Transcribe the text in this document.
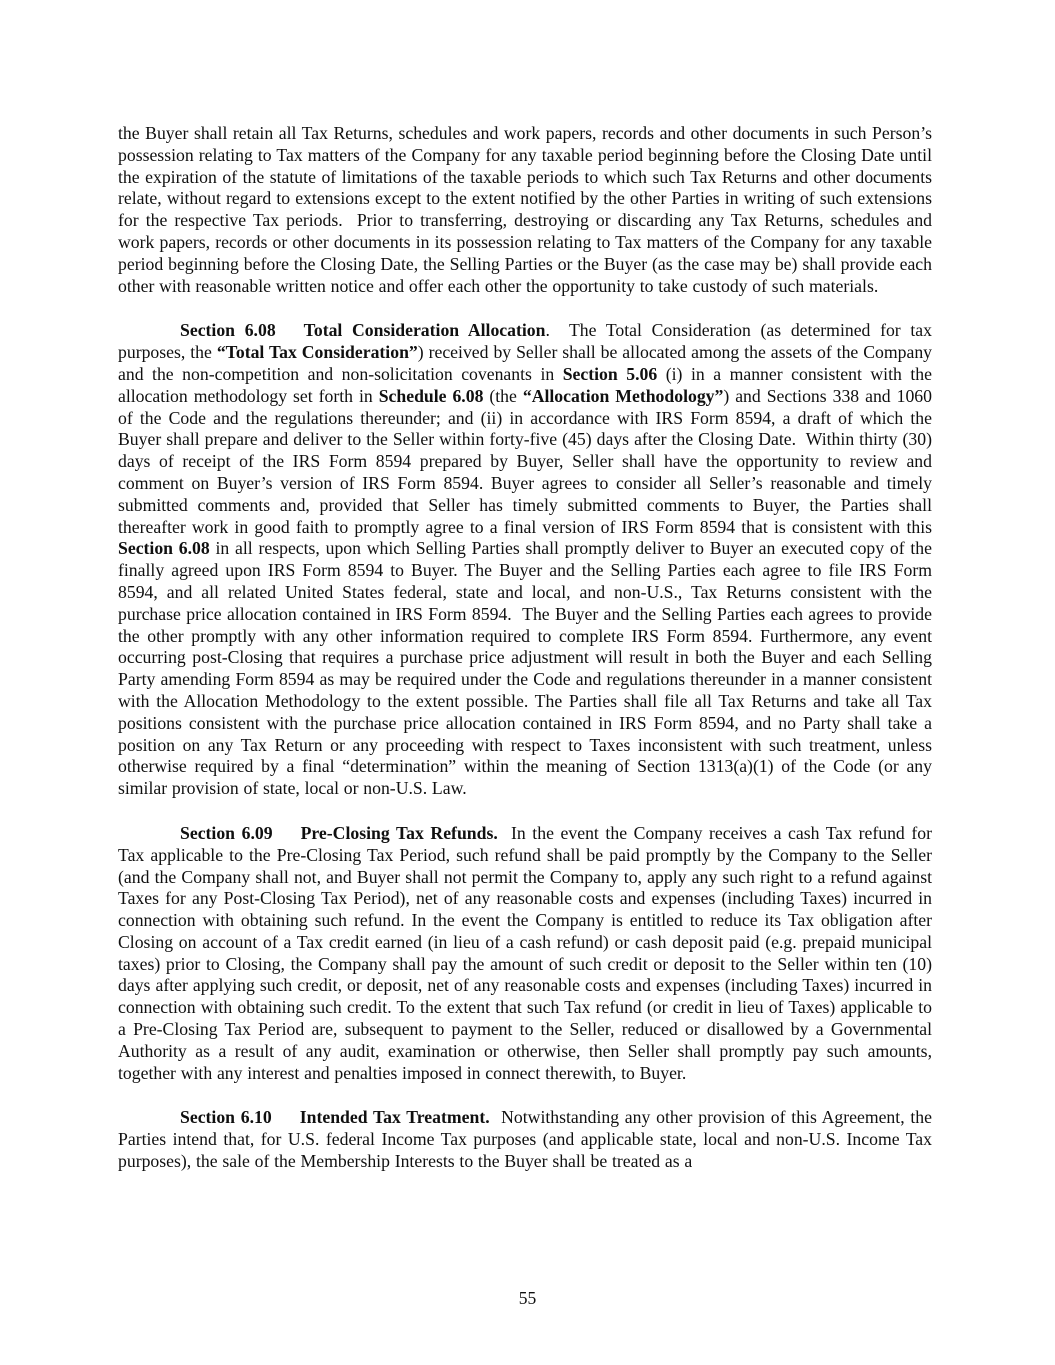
the Buyer shall retain all Tax Returns, schedules and work papers, records and other documents in such Person’s possession relating to Tax matters of the Company for any taxable period beginning before the Closing Date until the expiration of the statute of limitations of the taxable periods to which such Tax Returns and other documents relate, without regard to extensions except to the extent notified by the other Parties in writing of such extensions for the respective Tax periods.  Prior to transferring, destroying or discarding any Tax Returns, schedules and work papers, records or other documents in its possession relating to Tax matters of the Company for any taxable period beginning before the Closing Date, the Selling Parties or the Buyer (as the case may be) shall provide each other with reasonable written notice and offer each other the opportunity to take custody of such materials.

Section 6.08 Total Consideration Allocation.  The Total Consideration (as determined for tax purposes, the “Total Tax Consideration”) received by Seller shall be allocated among the assets of the Company and the non-competition and non-solicitation covenants in Section 5.06 (i) in a manner consistent with the allocation methodology set forth in Schedule 6.08 (the “Allocation Methodology”) and Sections 338 and 1060 of the Code and the regulations thereunder; and (ii) in accordance with IRS Form 8594, a draft of which the Buyer shall prepare and deliver to the Seller within forty-five (45) days after the Closing Date.  Within thirty (30) days of receipt of the IRS Form 8594 prepared by Buyer, Seller shall have the opportunity to review and comment on Buyer’s version of IRS Form 8594. Buyer agrees to consider all Seller’s reasonable and timely submitted comments and, provided that Seller has timely submitted comments to Buyer, the Parties shall thereafter work in good faith to promptly agree to a final version of IRS Form 8594 that is consistent with this Section 6.08 in all respects, upon which Selling Parties shall promptly deliver to Buyer an executed copy of the finally agreed upon IRS Form 8594 to Buyer. The Buyer and the Selling Parties each agree to file IRS Form 8594, and all related United States federal, state and local, and non-U.S., Tax Returns consistent with the purchase price allocation contained in IRS Form 8594.  The Buyer and the Selling Parties each agrees to provide the other promptly with any other information required to complete IRS Form 8594. Furthermore, any event occurring post-Closing that requires a purchase price adjustment will result in both the Buyer and each Selling Party amending Form 8594 as may be required under the Code and regulations thereunder in a manner consistent with the Allocation Methodology to the extent possible. The Parties shall file all Tax Returns and take all Tax positions consistent with the purchase price allocation contained in IRS Form 8594, and no Party shall take a position on any Tax Return or any proceeding with respect to Taxes inconsistent with such treatment, unless otherwise required by a final “determination” within the meaning of Section 1313(a)(1) of the Code (or any similar provision of state, local or non-U.S. Law.

Section 6.09 Pre-Closing Tax Refunds.  In the event the Company receives a cash Tax refund for Tax applicable to the Pre-Closing Tax Period, such refund shall be paid promptly by the Company to the Seller (and the Company shall not, and Buyer shall not permit the Company to, apply any such right to a refund against Taxes for any Post-Closing Tax Period), net of any reasonable costs and expenses (including Taxes) incurred in connection with obtaining such refund. In the event the Company is entitled to reduce its Tax obligation after Closing on account of a Tax credit earned (in lieu of a cash refund) or cash deposit paid (e.g. prepaid municipal taxes) prior to Closing, the Company shall pay the amount of such credit or deposit to the Seller within ten (10) days after applying such credit, or deposit, net of any reasonable costs and expenses (including Taxes) incurred in connection with obtaining such credit. To the extent that such Tax refund (or credit in lieu of Taxes) applicable to a Pre-Closing Tax Period are, subsequent to payment to the Seller, reduced or disallowed by a Governmental Authority as a result of any audit, examination or otherwise, then Seller shall promptly pay such amounts, together with any interest and penalties imposed in connect therewith, to Buyer.

Section 6.10 Intended Tax Treatment.  Notwithstanding any other provision of this Agreement, the Parties intend that, for U.S. federal Income Tax purposes (and applicable state, local and non-U.S. Income Tax purposes), the sale of the Membership Interests to the Buyer shall be treated as a

55
